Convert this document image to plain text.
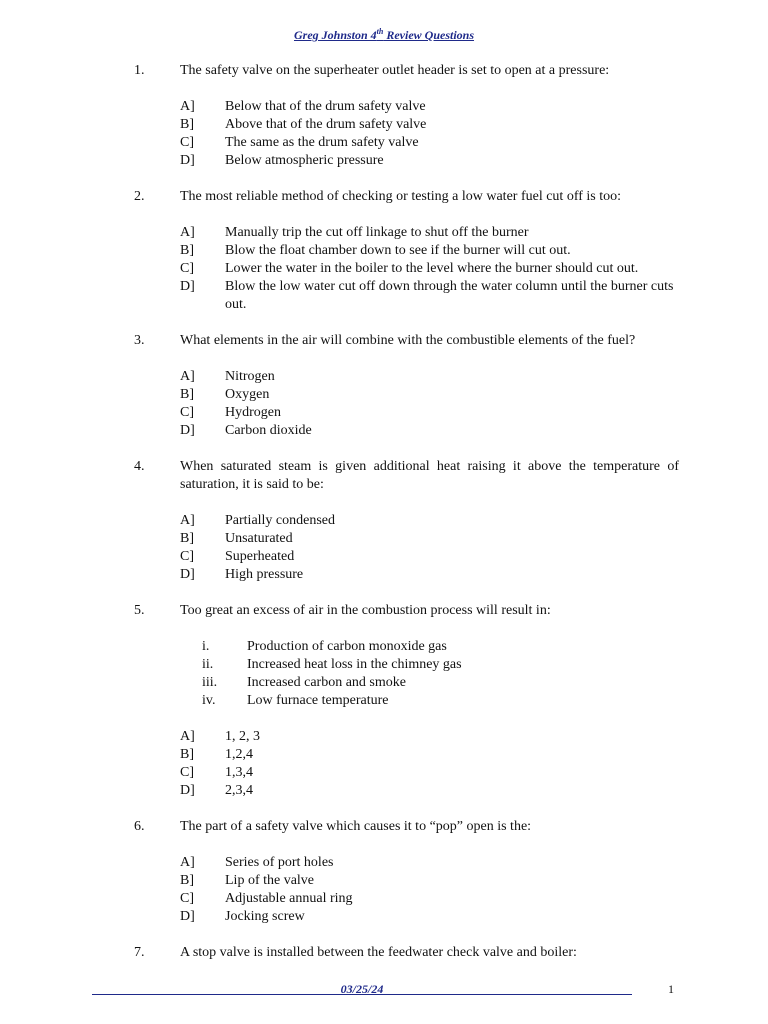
Greg Johnston 4th Review Questions
1.	The safety valve on the superheater outlet header is set to open at a pressure:
A]	Below that of the drum safety valve
B]	Above that of the drum safety valve
C]	The same as the drum safety valve
D]	Below atmospheric pressure
2.	The most reliable method of checking or testing a low water fuel cut off is too:
A]	Manually trip the cut off linkage to shut off the burner
B]	Blow the float chamber down to see if the burner will cut out.
C]	Lower the water in the boiler to the level where the burner should cut out.
D]	Blow the low water cut off down through the water column until the burner cuts out.
3.	What elements in the air will combine with the combustible elements of the fuel?
A]	Nitrogen
B]	Oxygen
C]	Hydrogen
D]	Carbon dioxide
4.	When saturated steam is given additional heat raising it above the temperature of saturation, it is said to be:
A]	Partially condensed
B]	Unsaturated
C]	Superheated
D]	High pressure
5.	Too great an excess of air in the combustion process will result in:
i.	Production of carbon monoxide gas
ii.	Increased heat loss in the chimney gas
iii.	Increased carbon and smoke
iv.	Low furnace temperature
A]	1, 2, 3
B]	1,2,4
C]	1,3,4
D]	2,3,4
6.	The part of a safety valve which causes it to “pop” open is the:
A]	Series of port holes
B]	Lip of the valve
C]	Adjustable annual ring
D]	Jocking screw
7.	A stop valve is installed between the feedwater check valve and boiler:
03/25/24	1
